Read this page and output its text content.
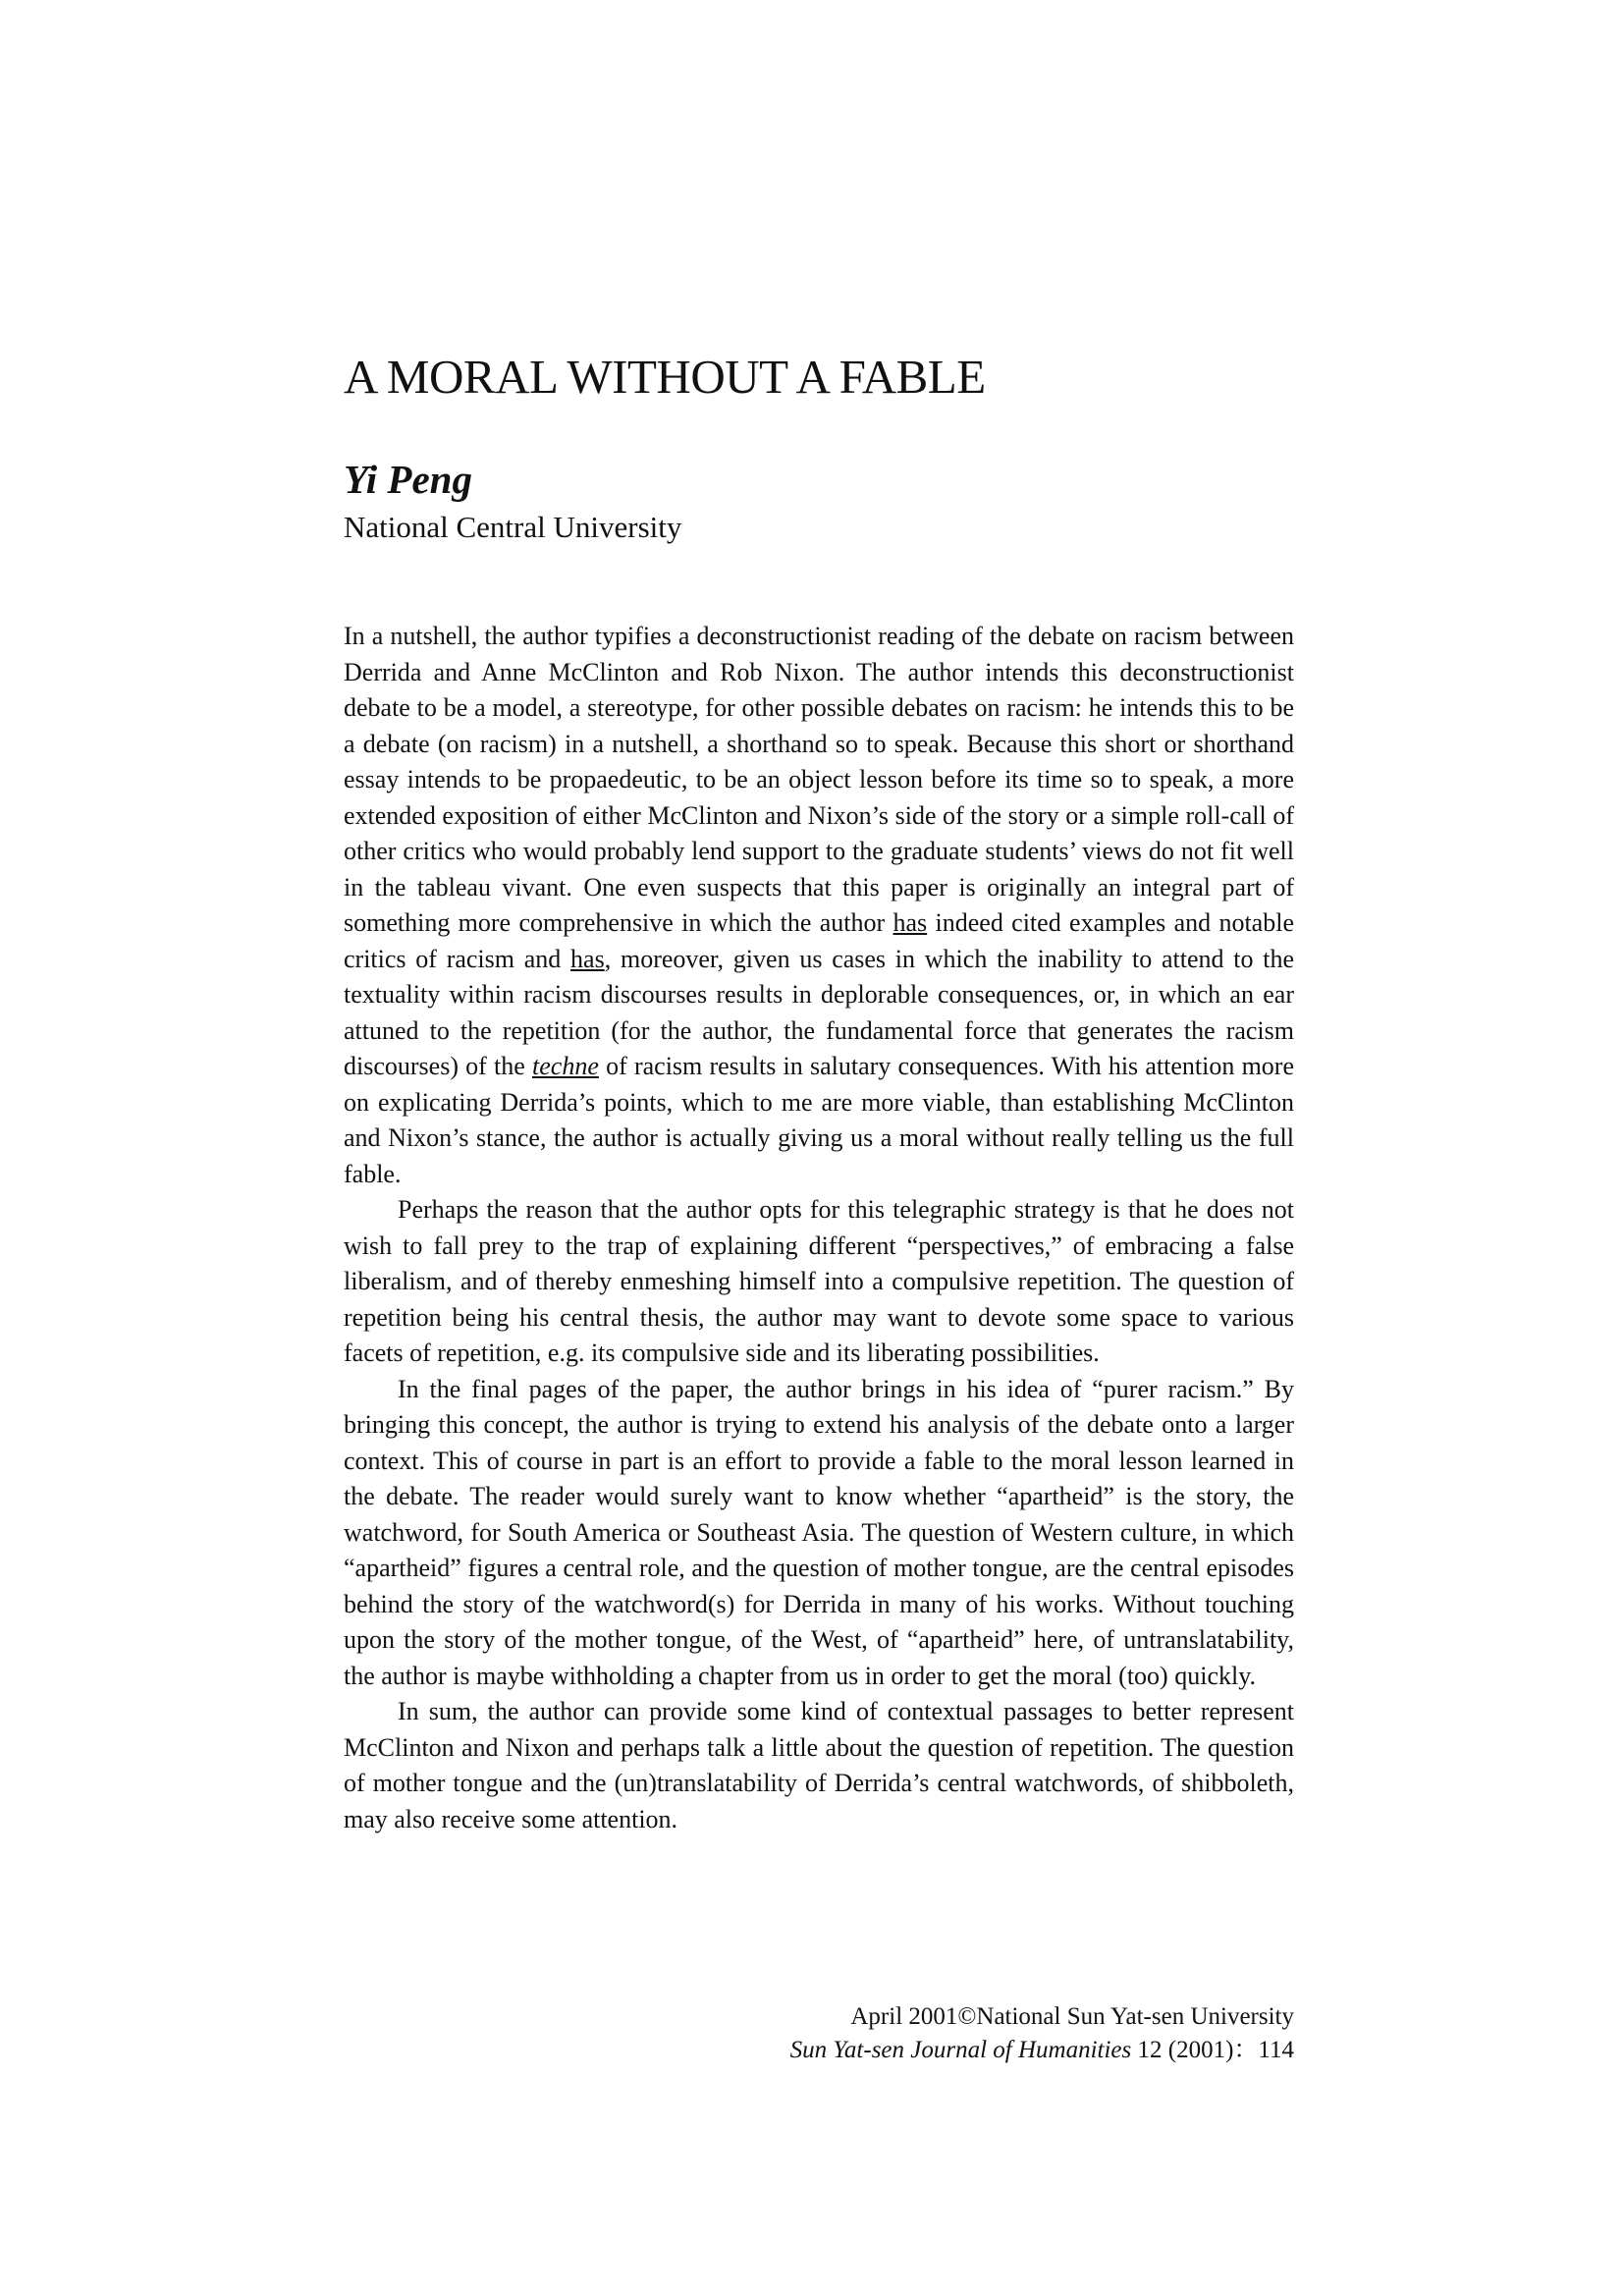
A MORAL WITHOUT A FABLE
Yi Peng
National Central University

In a nutshell, the author typifies a deconstructionist reading of the debate on racism between Derrida and Anne McClinton and Rob Nixon. The author intends this deconstructionist debate to be a model, a stereotype, for other possible debates on racism: he intends this to be a debate (on racism) in a nutshell, a shorthand so to speak. Because this short or shorthand essay intends to be propaedeutic, to be an object lesson before its time so to speak, a more extended exposition of either McClinton and Nixon’s side of the story or a simple roll-call of other critics who would probably lend support to the graduate students’ views do not fit well in the tableau vivant. One even suspects that this paper is originally an integral part of something more comprehensive in which the author has indeed cited examples and notable critics of racism and has, moreover, given us cases in which the inability to attend to the textuality within racism discourses results in deplorable consequences, or, in which an ear attuned to the repetition (for the author, the fundamental force that generates the racism discourses) of the techne of racism results in salutary consequences. With his attention more on explicating Derrida’s points, which to me are more viable, than establishing McClinton and Nixon’s stance, the author is actually giving us a moral without really telling us the full fable.

Perhaps the reason that the author opts for this telegraphic strategy is that he does not wish to fall prey to the trap of explaining different “perspectives,” of embracing a false liberalism, and of thereby enmeshing himself into a compulsive repetition. The question of repetition being his central thesis, the author may want to devote some space to various facets of repetition, e.g. its compulsive side and its liberating possibilities.

In the final pages of the paper, the author brings in his idea of “purer racism.” By bringing this concept, the author is trying to extend his analysis of the debate onto a larger context. This of course in part is an effort to provide a fable to the moral lesson learned in the debate. The reader would surely want to know whether “apartheid” is the story, the watchword, for South America or Southeast Asia. The question of Western culture, in which “apartheid” figures a central role, and the question of mother tongue, are the central episodes behind the story of the watchword(s) for Derrida in many of his works. Without touching upon the story of the mother tongue, of the West, of “apartheid” here, of untranslatability, the author is maybe withholding a chapter from us in order to get the moral (too) quickly.

In sum, the author can provide some kind of contextual passages to better represent McClinton and Nixon and perhaps talk a little about the question of repetition. The question of mother tongue and the (un)translatability of Derrida’s central watchwords, of shibboleth, may also receive some attention.

April 2001©National Sun Yat-sen University
Sun Yat-sen Journal of Humanities 12 (2001)：114
